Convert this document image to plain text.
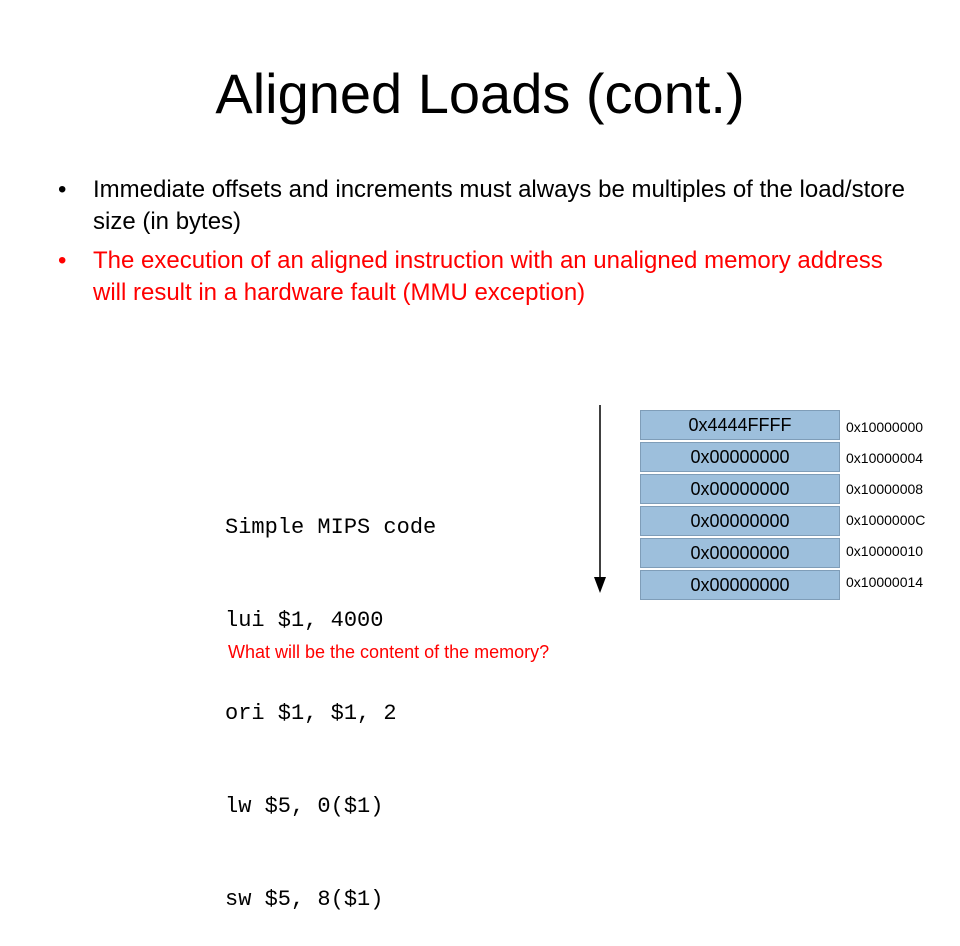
Aligned Loads (cont.)
• Immediate offsets and increments must always be multiples of the load/store size (in bytes)
• The execution of an aligned instruction with an unaligned memory address will result in a hardware fault (MMU exception)

Simple MIPS code

lui $1, 4000

ori $1, $1, 2

lw $5, 0($1)

sw $5, 8($1)

What will be the content of the memory?
0x4444FFFF
0x00000000
0x00000000
0x00000000
0x00000000
0x00000000
0x10000000
0x10000004
0x10000008
0x1000000C
0x10000010
0x10000014
